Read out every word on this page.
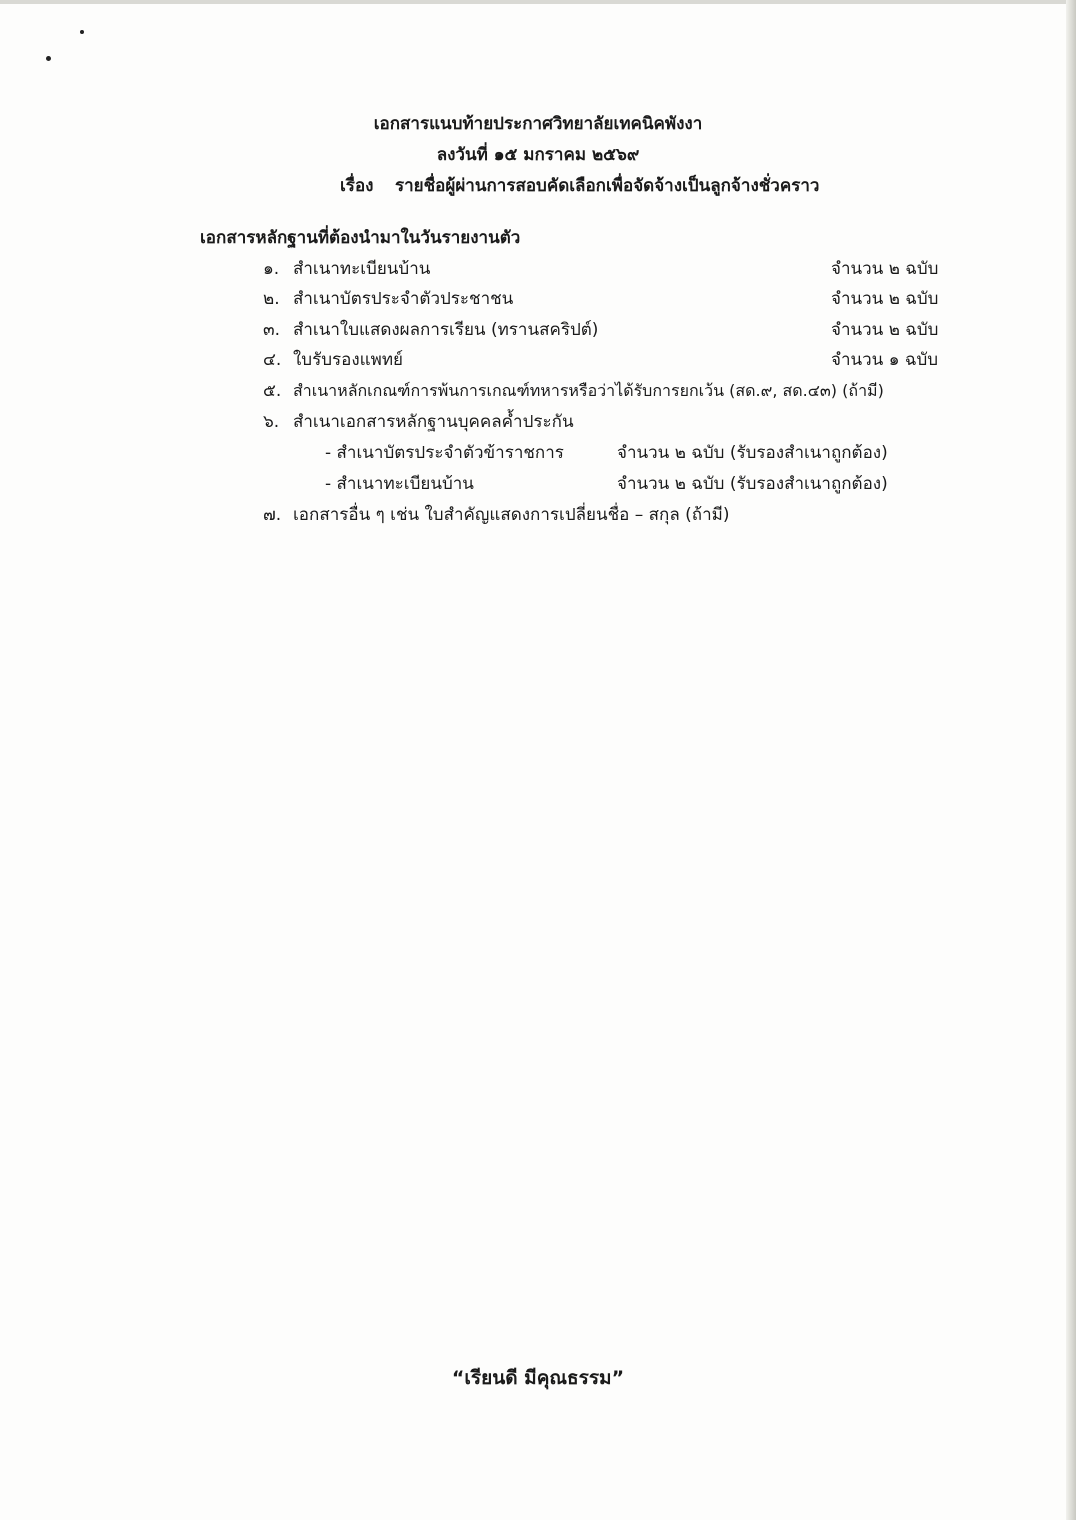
เอกสารแนบท้ายประกาศวิทยาลัยเทคนิคพังงา
ลงวันที่ ๑๕ มกราคม ๒๕๖๙
เรื่อง รายชื่อผู้ผ่านการสอบคัดเลือกเพื่อจัดจ้างเป็นลูกจ้างชั่วคราว
เอกสารหลักฐานที่ต้องนำมาในวันรายงานตัว
๑. สำเนาทะเบียนบ้าน	จำนวน ๒ ฉบับ
๒. สำเนาบัตรประจำตัวประชาชน	จำนวน ๒ ฉบับ
๓. สำเนาใบแสดงผลการเรียน (ทรานสคริปต์)	จำนวน ๒ ฉบับ
๔. ใบรับรองแพทย์	จำนวน ๑ ฉบับ
๕. สำเนาหลักเกณฑ์การพ้นการเกณฑ์ทหารหรือว่าได้รับการยกเว้น (สด.๙, สด.๔๓) (ถ้ามี)
๖. สำเนาเอกสารหลักฐานบุคคลค้ำประกัน
- สำเนาบัตรประจำตัวข้าราชการ	จำนวน ๒ ฉบับ (รับรองสำเนาถูกต้อง)
- สำเนาทะเบียนบ้าน	จำนวน ๒ ฉบับ (รับรองสำเนาถูกต้อง)
๗. เอกสารอื่น ๆ เช่น ใบสำคัญแสดงการเปลี่ยนชื่อ – สกุล (ถ้ามี)
“เรียนดี มีคุณธรรม”
